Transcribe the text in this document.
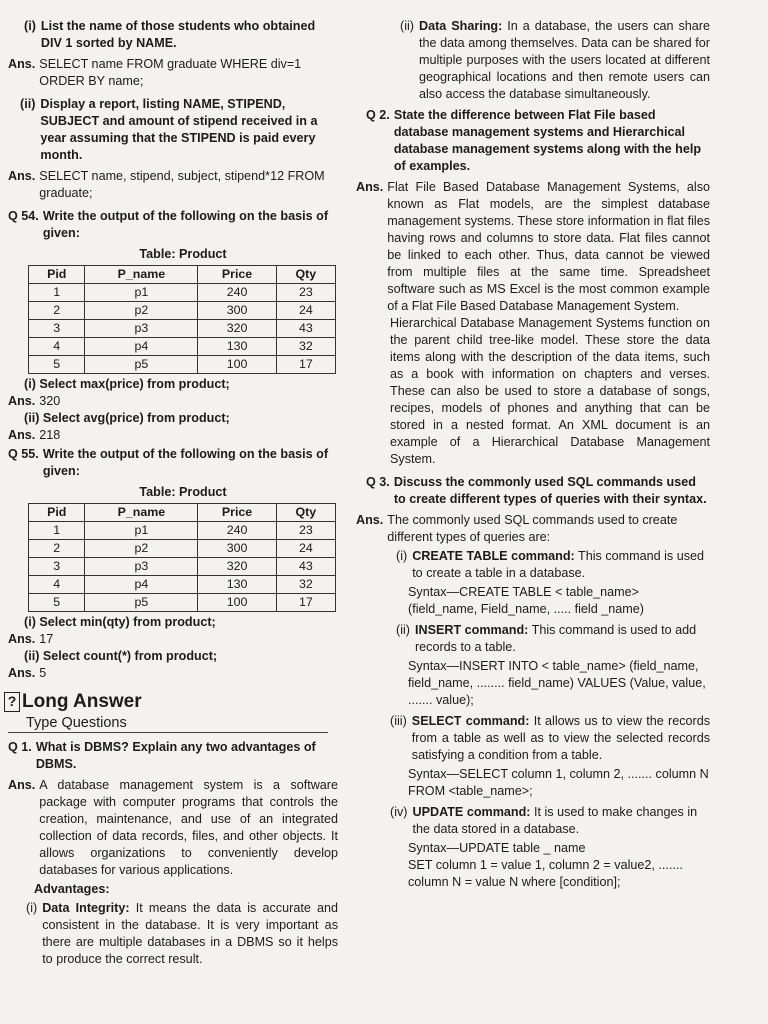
(i) List the name of those students who obtained DIV 1 sorted by NAME.
Ans. SELECT name FROM graduate WHERE div=1 ORDER BY name;
(ii) Display a report, listing NAME, STIPEND, SUBJECT and amount of stipend received in a year assuming that the STIPEND is paid every month.
Ans. SELECT name, stipend, subject, stipend*12 FROM graduate;
Q 54. Write the output of the following on the basis of given:
Table: Product
Pid	P_name	Price	Qty
1	p1	240	23
2	p2	300	24
3	p3	320	43
4	p4	130	32
5	p5	100	17
(i) Select max(price) from product;
Ans. 320
(ii) Select avg(price) from product;
Ans. 218
Q 55. Write the output of the following on the basis of given:
Table: Product
Pid	P_name	Price	Qty
1	p1	240	23
2	p2	300	24
3	p3	320	43
4	p4	130	32
5	p5	100	17
(i) Select min(qty) from product;
Ans. 17
(ii) Select count(*) from product;
Ans. 5
? Long Answer
Type Questions
Q 1. What is DBMS? Explain any two advantages of DBMS.
Ans. A database management system is a software package with computer programs that controls the creation, maintenance, and use of an integrated collection of data records, files, and other objects. It allows organizations to conveniently develop databases for various applications.
Advantages:
(i) Data Integrity: It means the data is accurate and consistent in the database. It is very important as there are multiple databases in a DBMS so it helps to produce the correct result.
(ii) Data Sharing: In a database, the users can share the data among themselves. Data can be shared for multiple purposes with the users located at different geographical locations and then remote users can also access the database simultaneously.
Q 2. State the difference between Flat File based database management systems and Hierarchical database management systems along with the help of examples.
Ans. Flat File Based Database Management Systems, also known as Flat models, are the simplest database management systems. These store information in flat files having rows and columns to store data. Flat files cannot be linked to each other. Thus, data cannot be viewed from multiple files at the same time. Spreadsheet software such as MS Excel is the most common example of a Flat File Based Database Management System.
Hierarchical Database Management Systems function on the parent child tree-like model. These store the data items along with the description of the data items, such as a book with information on chapters and verses. These can also be used to store a database of songs, recipes, models of phones and anything that can be stored in a nested format. An XML document is an example of a Hierarchical Database Management System.
Q 3. Discuss the commonly used SQL commands used to create different types of queries with their syntax.
Ans. The commonly used SQL commands used to create different types of queries are:
(i) CREATE TABLE command: This command is used to create a table in a database.
Syntax—CREATE TABLE < table_name> (field_name, Field_name, ..... field _name)
(ii) INSERT command: This command is used to add records to a table.
Syntax—INSERT INTO < table_name> (field_name, field_name, ........ field_name) VALUES (Value, value, ....... value);
(iii) SELECT command: It allows us to view the records from a table as well as to view the selected records satisfying a condition from a table.
Syntax—SELECT column 1, column 2, ....... column N FROM <table_name>;
(iv) UPDATE command: It is used to make changes in the data stored in a database.
Syntax—UPDATE table _ name
SET column 1 = value 1, column 2 = value2, ....... column N = value N where [condition];
